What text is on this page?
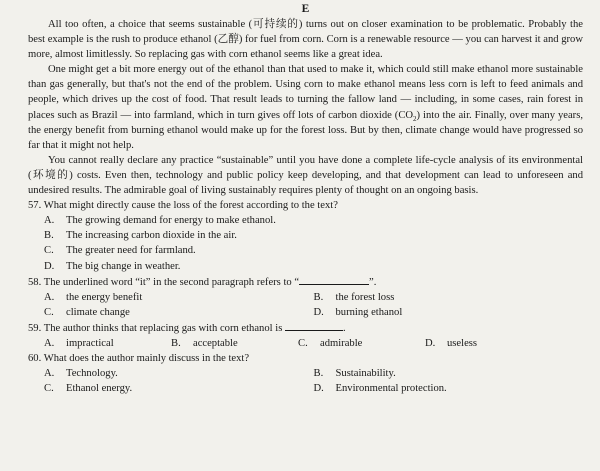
E

All too often, a choice that seems sustainable (可持续的) turns out on closer examination to be problematic. Probably the best example is the rush to produce ethanol (乙醇) for fuel from corn. Corn is a renewable resource — you can harvest it and grow more, almost limitlessly. So replacing gas with corn ethanol seems like a great idea.

One might get a bit more energy out of the ethanol than that used to make it, which could still make ethanol more sustainable than gas generally, but that's not the end of the problem. Using corn to make ethanol means less corn is left to feed animals and people, which drives up the cost of food. That result leads to turning the fallow land — including, in some cases, rain forest in places such as Brazil — into farmland, which in turn gives off lots of carbon dioxide $(CO_2)$ into the air. Finally, over many years, the energy benefit from burning ethanol would make up for the forest loss. But by then, climate change would have progressed so far that it might not help.

You cannot really declare any practice “sustainable” until you have done a complete life-cycle analysis of its environmental (环境的) costs. Even then, technology and public policy keep developing, and that development can lead to unforeseen and undesired results. The admirable goal of living sustainably requires plenty of thought on an ongoing basis.

57. What might directly cause the loss of the forest according to the text?
A. The growing demand for energy to make ethanol.
B. The increasing carbon dioxide in the air.
C. The greater need for farmland.
D. The big change in weather.
58. The underlined word “it” in the second paragraph refers to “	”.
A. the energy benefit	B. the forest loss
C. climate change	D. burning ethanol
59. The author thinks that replacing gas with corn ethanol is	.
A. impractical	B. acceptable	C. admirable	D. useless
60. What does the author mainly discuss in the text?
A. Technology.	B. Sustainability.
C. Ethanol energy.	D. Environmental protection.
